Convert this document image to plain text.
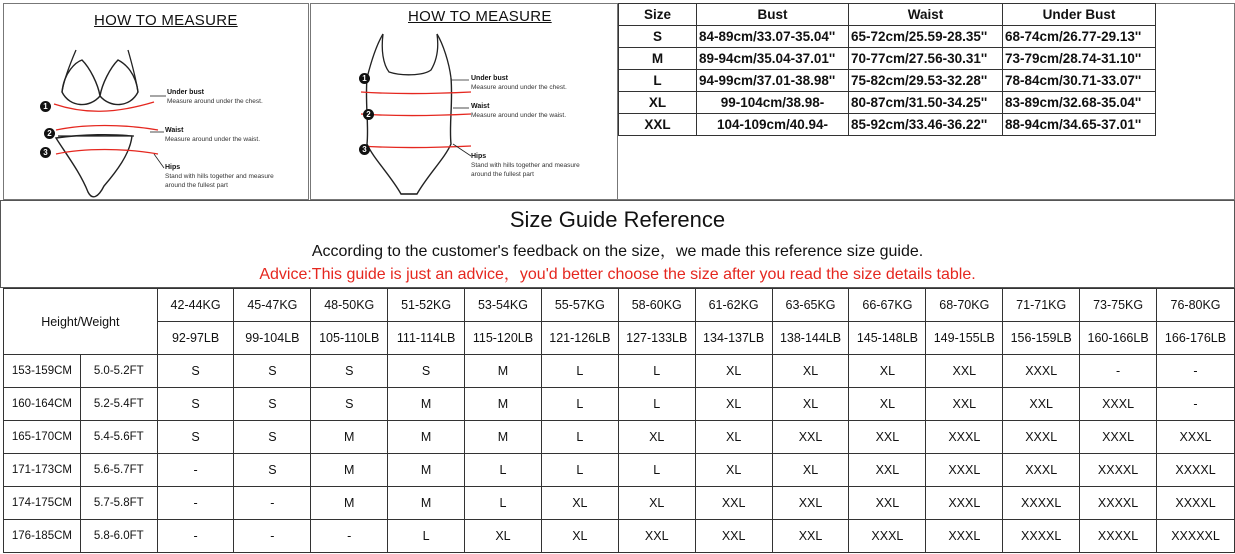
HOW TO MEASURE
1
2
3
Under bust
Measure around under the chest.
Waist
Measure around under the waist.
Hips
Stand with hills together and measure
around the fullest part
HOW TO MEASURE
1
2
3
Under bust
Measure around under the chest.
Waist
Measure around under the waist.
Hips
Stand with hills together and measure
around the fullest part
Size	Bust	Waist	Under Bust
S	84-89cm/33.07-35.04''	65-72cm/25.59-28.35''	68-74cm/26.77-29.13''
M	89-94cm/35.04-37.01''	70-77cm/27.56-30.31''	73-79cm/28.74-31.10''
L	94-99cm/37.01-38.98''	75-82cm/29.53-32.28''	78-84cm/30.71-33.07''
XL	99-104cm/38.98-	80-87cm/31.50-34.25''	83-89cm/32.68-35.04''
XXL	104-109cm/40.94-	85-92cm/33.46-36.22''	88-94cm/34.65-37.01''
Size Guide Reference
According to the customer's feedback on the size，we made this reference size guide.
Advice:This guide is just an advice，you'd better choose the size after you read the size details table.
Height/Weight		42-44KG	45-47KG	48-50KG	51-52KG	53-54KG	55-57KG	58-60KG	61-62KG	63-65KG	66-67KG	68-70KG	71-71KG	73-75KG	76-80KG
		92-97LB	99-104LB	105-110LB	111-114LB	115-120LB	121-126LB	127-133LB	134-137LB	138-144LB	145-148LB	149-155LB	156-159LB	160-166LB	166-176LB
153-159CM	5.0-5.2FT	S	S	S	S	M	L	L	XL	XL	XL	XXL	XXXL	-	-
160-164CM	5.2-5.4FT	S	S	S	M	M	L	L	XL	XL	XL	XXL	XXL	XXXL	-
165-170CM	5.4-5.6FT	S	S	M	M	M	L	XL	XL	XXL	XXL	XXXL	XXXL	XXXL	XXXL
171-173CM	5.6-5.7FT	-	S	M	M	L	L	L	XL	XL	XXL	XXXL	XXXL	XXXXL	XXXXL
174-175CM	5.7-5.8FT	-	-	M	M	L	XL	XL	XXL	XXL	XXL	XXXL	XXXXL	XXXXL	XXXXL
176-185CM	5.8-6.0FT	-	-	-	L	XL	XL	XXL	XXL	XXL	XXXL	XXXL	XXXXL	XXXXL	XXXXXL
